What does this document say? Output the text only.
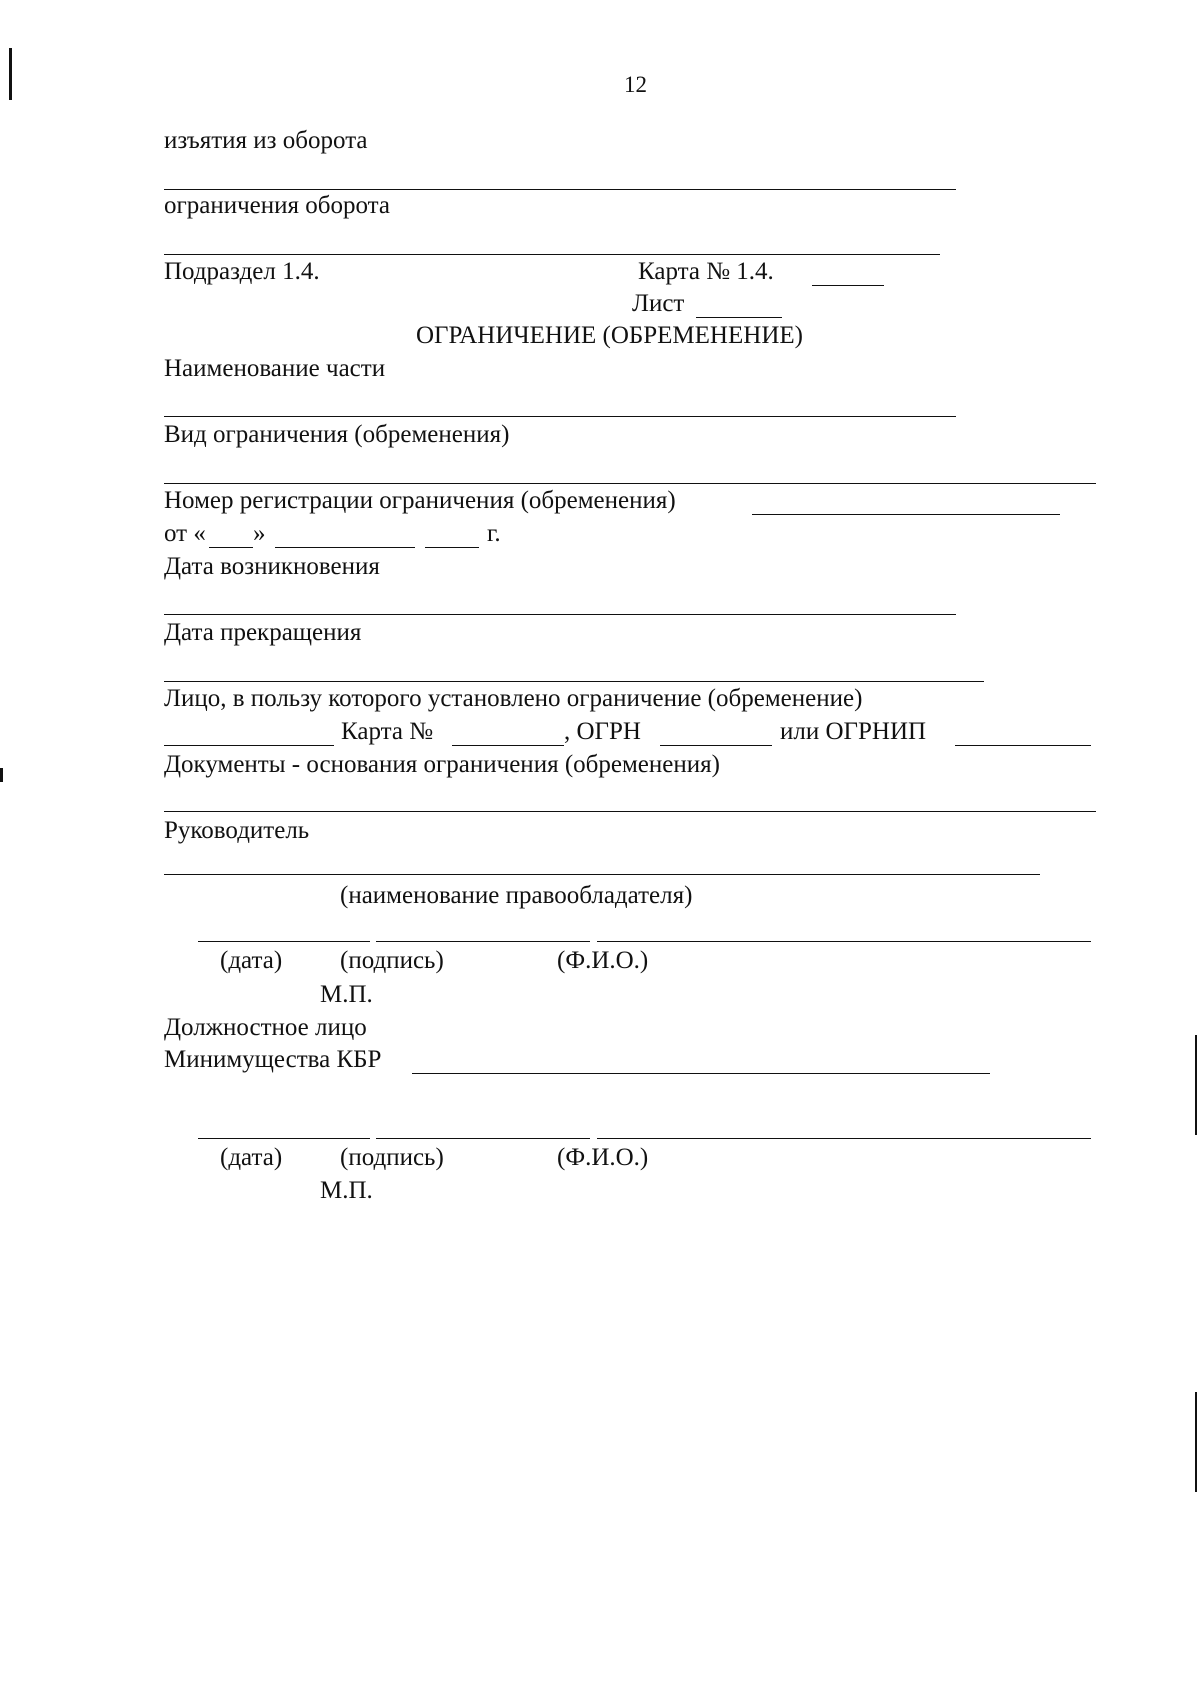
12
изъятия из оборота
ограничения оборота
Подраздел 1.4.	Карта № 1.4.
Лист
ОГРАНИЧЕНИЕ (ОБРЕМЕНЕНИЕ)
Наименование части
Вид ограничения (обременения)
Номер регистрации ограничения (обременения)
от « »	г.
Дата возникновения
Дата прекращения
Лицо, в пользу которого установлено ограничение (обременение)
Карта №	, ОГРН	или ОГРНИП
Документы - основания ограничения (обременения)
Руководитель
(наименование правообладателя)
(дата) (подпись)	(Ф.И.О.)
М.П.
Должностное лицо
Минимущества КБР
(дата) (подпись)	(Ф.И.О.)
М.П.
